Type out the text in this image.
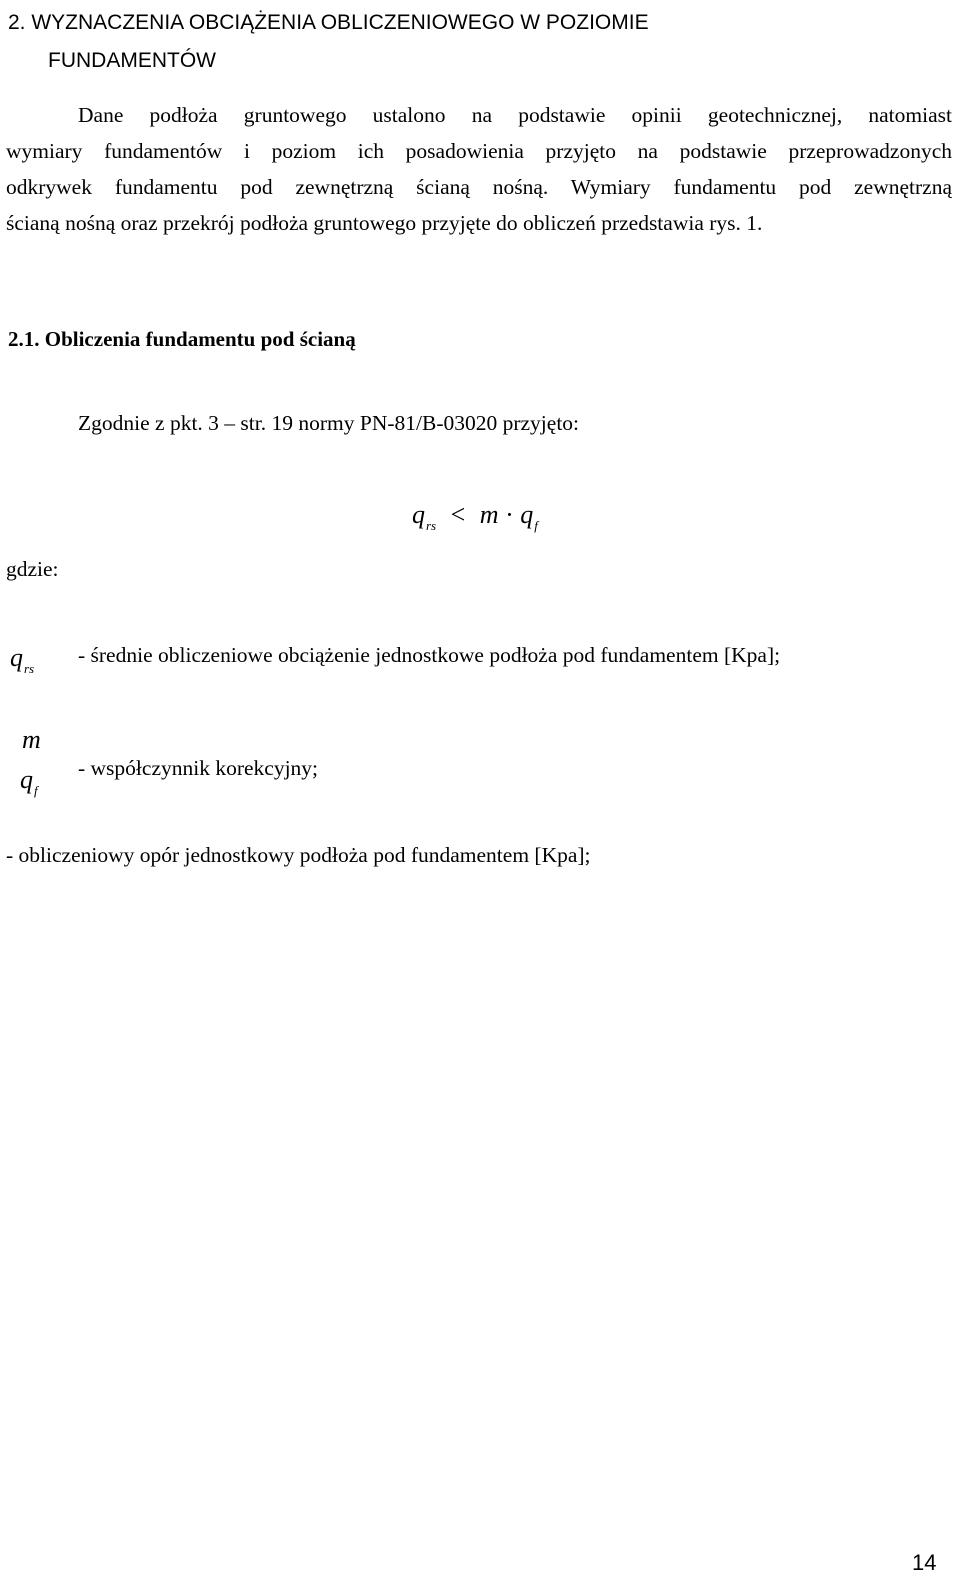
2. WYZNACZENIA OBCIĄŻENIA OBLICZENIOWEGO W POZIOMIE
FUNDAMENTÓW
Dane podłoża gruntowego ustalono na podstawie opinii geotechnicznej, natomiast
wymiary fundamentów i poziom ich posadowienia przyjęto na podstawie przeprowadzonych
odkrywek fundamentu pod zewnętrzną ścianą nośną. Wymiary fundamentu pod zewnętrzną
ścianą nośną oraz przekrój podłoża gruntowego przyjęte do obliczeń przedstawia rys. 1.
2.1. Obliczenia fundamentu pod ścianą
Zgodnie z pkt. 3 – str. 19 normy PN-81/B-03020 przyjęto:
$q_{rs} < m \cdot q_f$
gdzie:
$q_{rs}$
- średnie obliczeniowe obciążenie jednostkowe podłoża pod fundamentem [Kpa];
m
$q_f$
- współczynnik korekcyjny;
- obliczeniowy opór jednostkowy podłoża pod fundamentem [Kpa];
14
